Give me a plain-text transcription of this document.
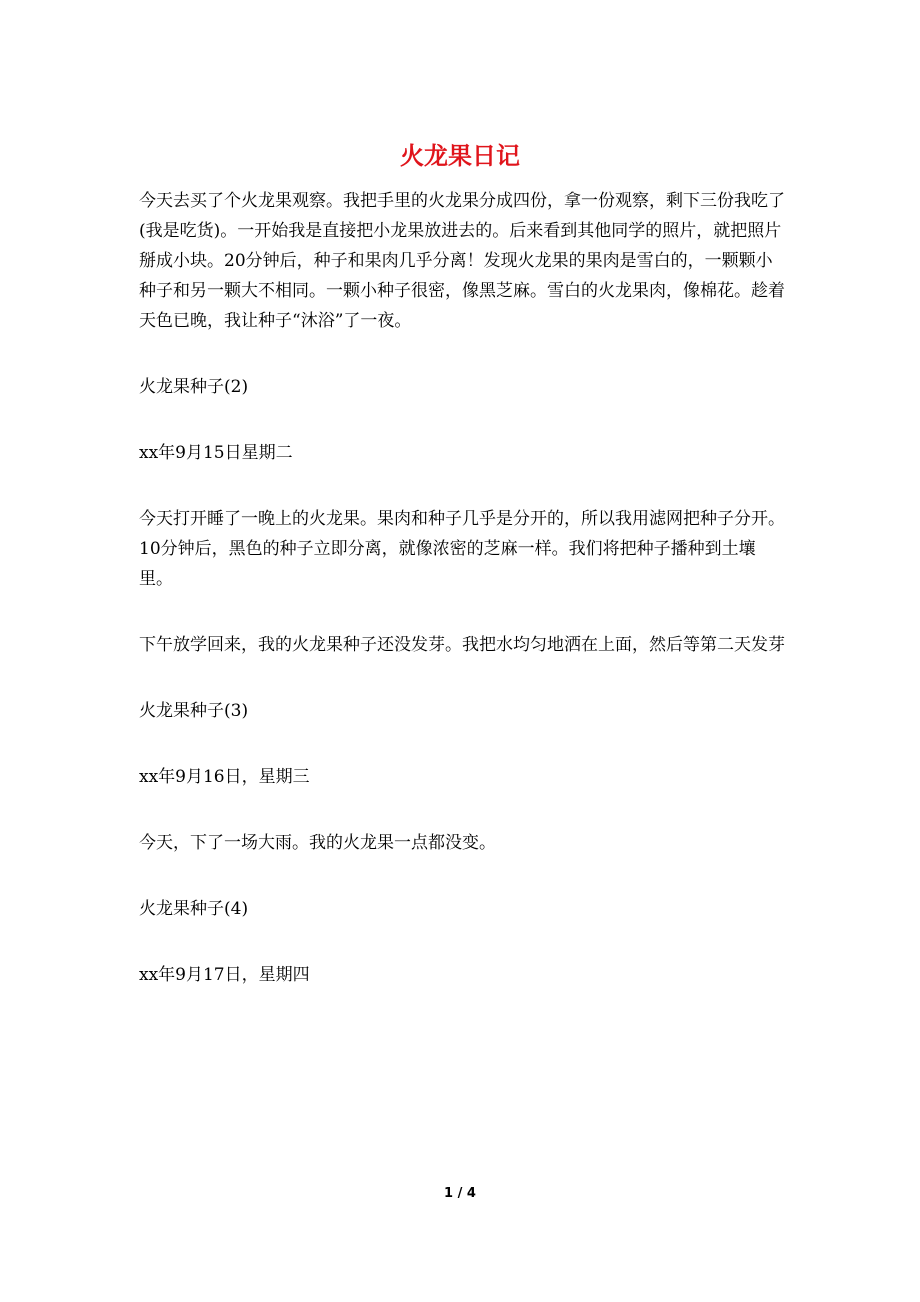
火龙果日记

今天去买了个火龙果观察。我把手里的火龙果分成四份，拿一份观察，剩下三份我吃了(我是吃货)。一开始我是直接把小龙果放进去的。后来看到其他同学的照片，就把照片掰成小块。20分钟后，种子和果肉几乎分离！发现火龙果的果肉是雪白的，一颗颗小种子和另一颗大不相同。一颗小种子很密，像黑芝麻。雪白的火龙果肉，像棉花。趁着天色已晚，我让种子“沐浴”了一夜。

火龙果种子(2)

xx年9月15日星期二

今天打开睡了一晚上的火龙果。果肉和种子几乎是分开的，所以我用滤网把种子分开。10分钟后，黑色的种子立即分离，就像浓密的芝麻一样。我们将把种子播种到土壤里。

下午放学回来，我的火龙果种子还没发芽。我把水均匀地洒在上面，然后等第二天发芽

火龙果种子(3)

xx年9月16日，星期三

今天，下了一场大雨。我的火龙果一点都没变。

火龙果种子(4)

xx年9月17日，星期四

1 / 4
